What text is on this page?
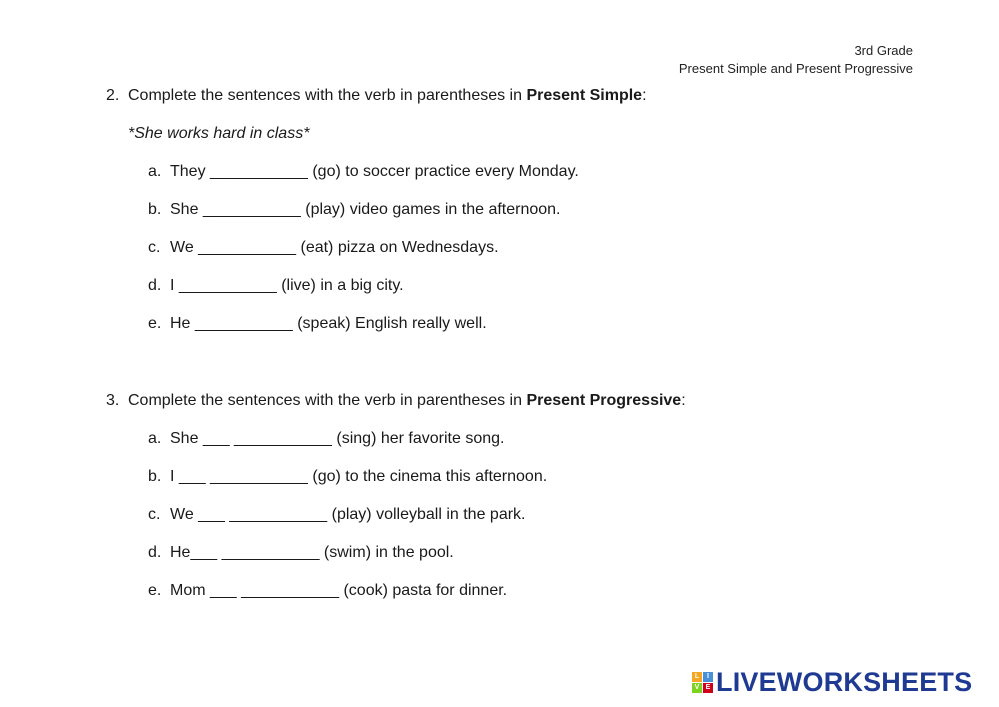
3rd Grade
Present Simple and Present Progressive
2. Complete the sentences with the verb in parentheses in Present Simple:
*She works hard in class*
a. They ___________ (go) to soccer practice every Monday.
b. She ___________ (play) video games in the afternoon.
c. We ___________ (eat) pizza on Wednesdays.
d. I ___________ (live) in a big city.
e. He ___________ (speak) English really well.
3. Complete the sentences with the verb in parentheses in Present Progressive:
a. She ___ ___________ (sing) her favorite song.
b. I ___ ___________ (go) to the cinema this afternoon.
c. We ___ ___________ (play) volleyball in the park.
d. He___ ___________ (swim) in the pool.
e. Mom ___ ___________ (cook) pasta for dinner.
L	I
V E LIVEWORKSHEETS
